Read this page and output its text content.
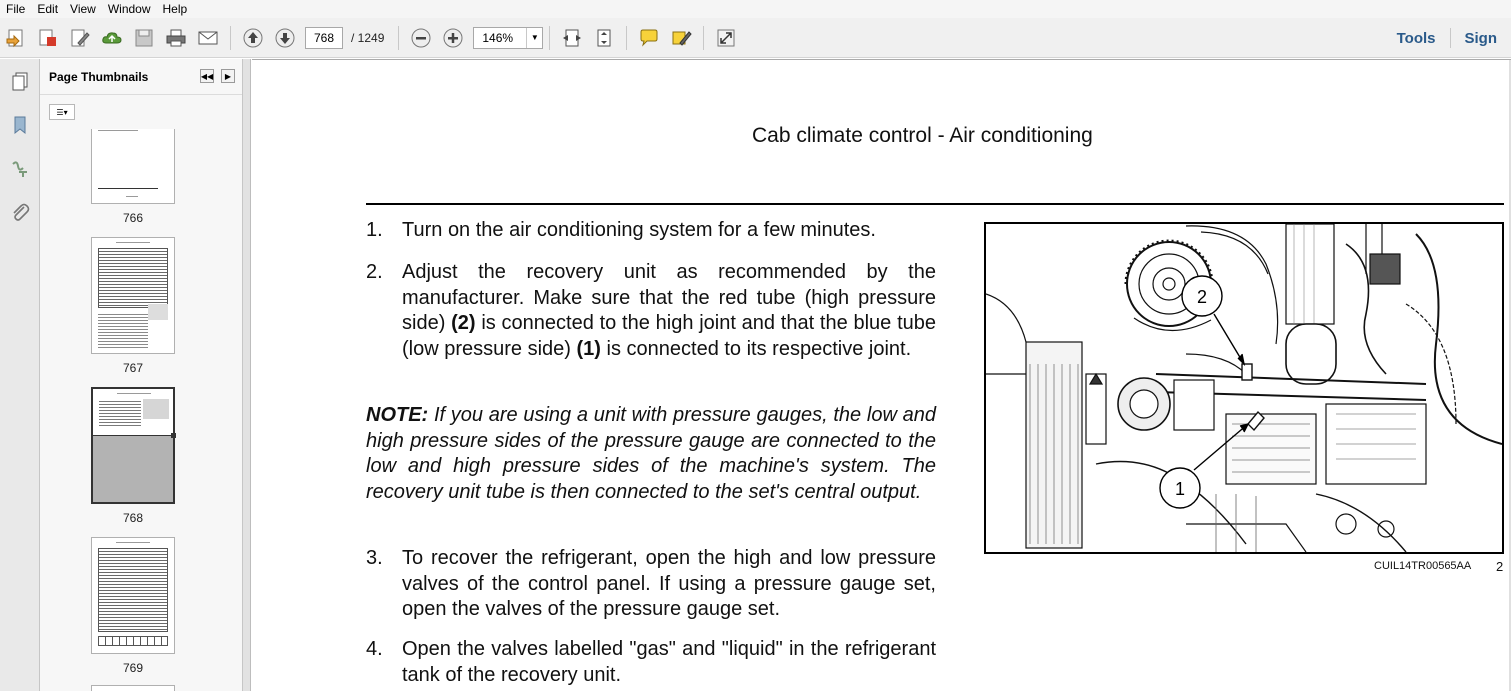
File	Edit	View	Window	Help
768	/ 1249	146%	▼	Tools	Sign
Page Thumbnails	◀◀	▶
☰▾
766
767
768
769
Cab climate control - Air conditioning
1. Turn on the air conditioning system for a few minutes.
2. Adjust the recovery unit as recommended by the manufacturer. Make sure that the red tube (high pressure side) (2) is connected to the high joint and that the blue tube (low pressure side) (1) is connected to its respective joint.
NOTE: If you are using a unit with pressure gauges, the low and high pressure sides of the pressure gauge are connected to the low and high pressure sides of the machine's system. The recovery unit tube is then connected to the set's central output.
3. To recover the refrigerant, open the high and low pressure valves of the control panel. If using a pressure gauge set, open the valves of the pressure gauge set.
4. Open the valves labelled "gas" and "liquid" in the refrigerant tank of the recovery unit.
2
1
CUIL14TR00565AA 2
